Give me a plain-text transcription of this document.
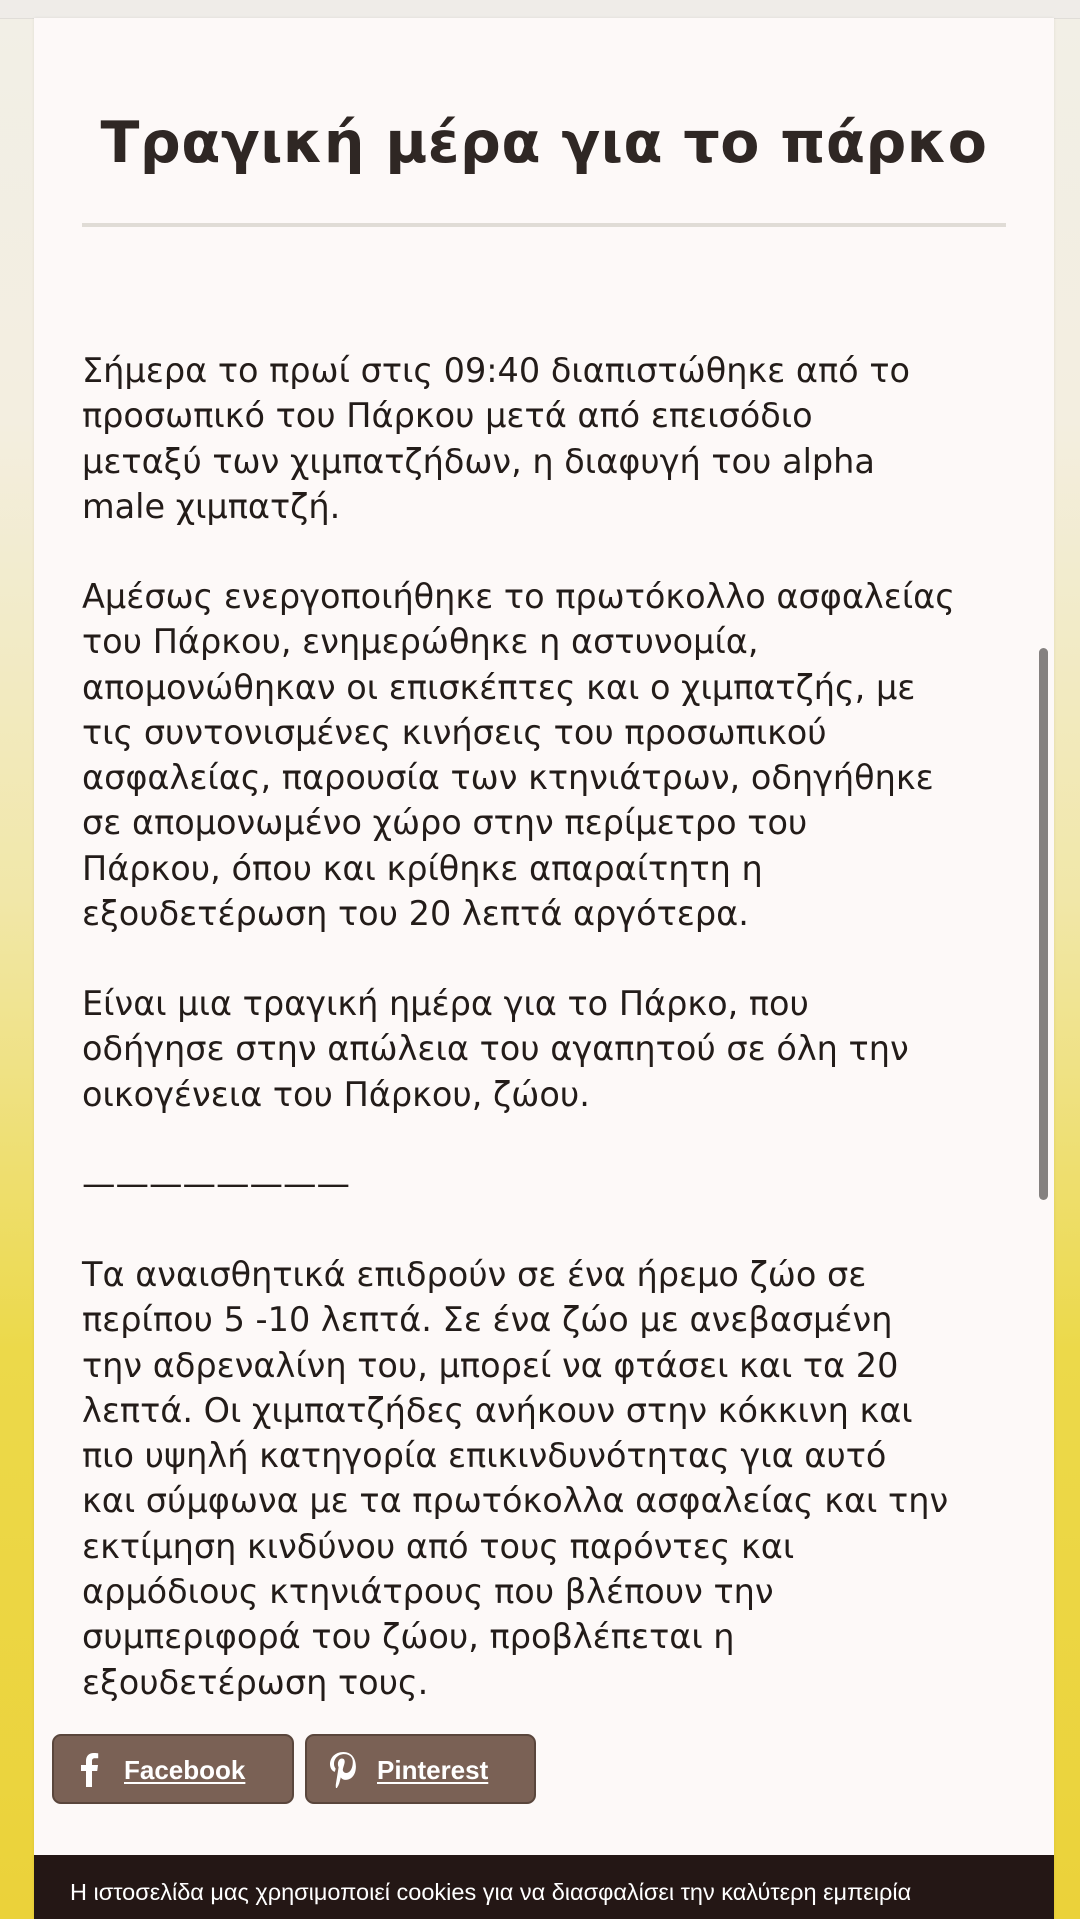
Τραγική μέρα για το πάρκο

Σήμερα το πρωί στις 09:40 διαπιστώθηκε από το
προσωπικό του Πάρκου μετά από επεισόδιο
μεταξύ των χιμπατζήδων, η διαφυγή του alpha
male χιμπατζή.

Αμέσως ενεργοποιήθηκε το πρωτόκολλο ασφαλείας
του Πάρκου, ενημερώθηκε η αστυνομία,
απομονώθηκαν οι επισκέπτες και ο χιμπατζής, με
τις συντονισμένες κινήσεις του προσωπικού
ασφαλείας, παρουσία των κτηνιάτρων, οδηγήθηκε
σε απομονωμένο χώρο στην περίμετρο του
Πάρκου, όπου και κρίθηκε απαραίτητη η
εξουδετέρωση του 20 λεπτά αργότερα.

Είναι μια τραγική ημέρα για το Πάρκο, που
οδήγησε στην απώλεια του αγαπητού σε όλη την
οικογένεια του Πάρκου, ζώου.

————————

Τα αναισθητικά επιδρούν σε ένα ήρεμο ζώο σε
περίπου 5 -10 λεπτά. Σε ένα ζώο με ανεβασμένη
την αδρεναλίνη του, μπορεί να φτάσει και τα 20
λεπτά. Οι χιμπατζήδες ανήκουν στην κόκκινη και
πιο υψηλή κατηγορία επικινδυνότητας για αυτό
και σύμφωνα με τα πρωτόκολλα ασφαλείας και την
εκτίμηση κινδύνου από τους παρόντες και
αρμόδιους κτηνιάτρους που βλέπουν την
συμπεριφορά του ζώου, προβλέπεται η
εξουδετέρωση τους.

Facebook	Pinterest
Η ιστοσελίδα μας χρησιμοποιεί cookies για να διασφαλίσει την καλύτερη εμπειρία
